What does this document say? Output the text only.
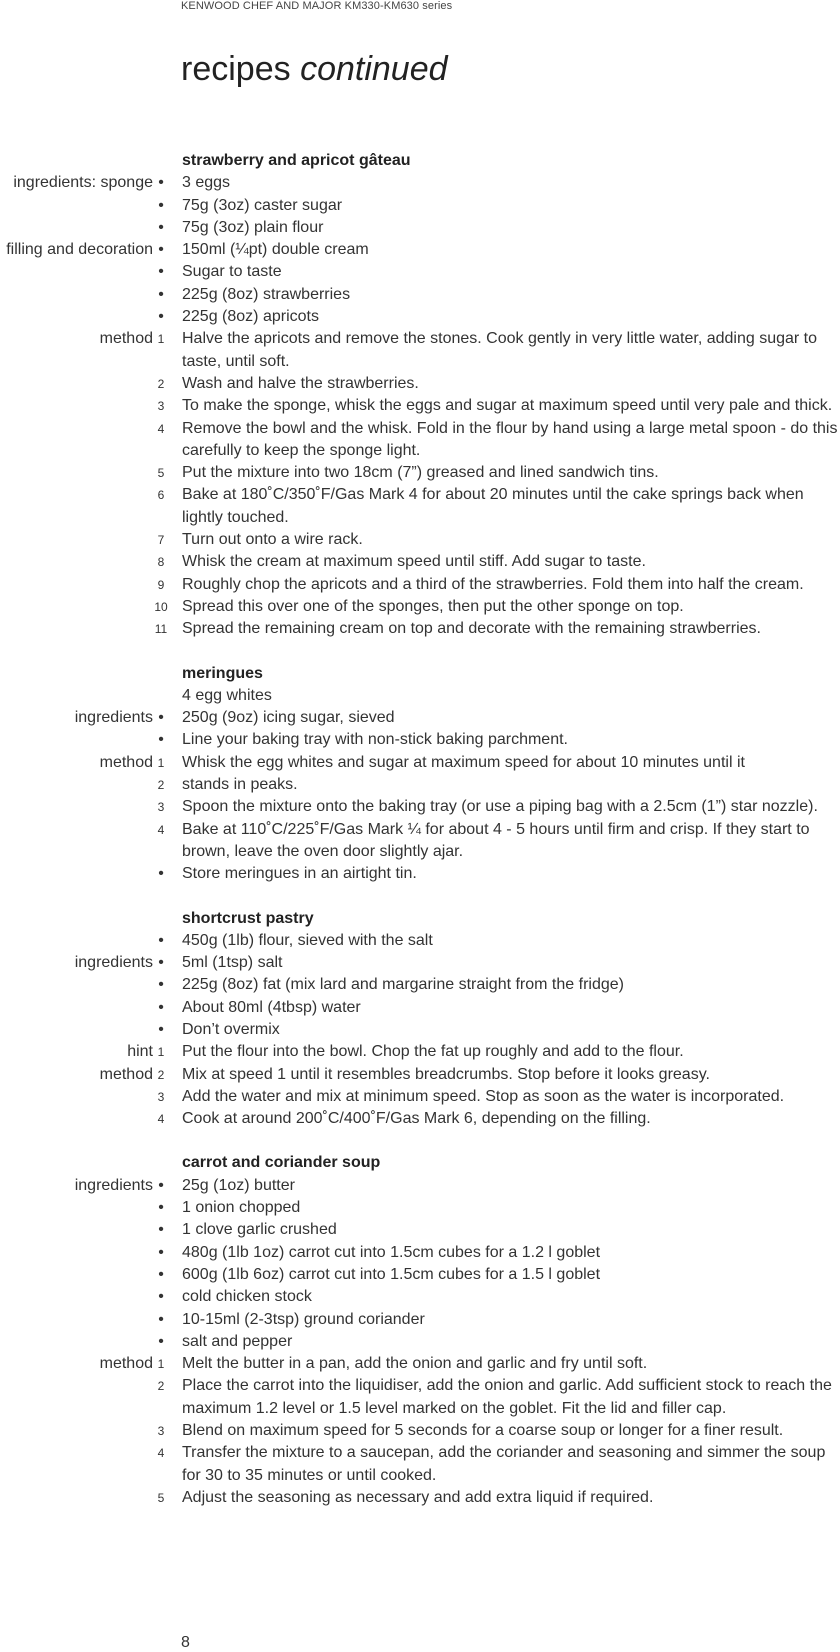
KENWOOD CHEF AND MAJOR KM330-KM630 series
recipes continued
strawberry and apricot gâteau
ingredients: sponge •	3 eggs
•	75g (3oz) caster sugar
•	75g (3oz) plain flour
filling and decoration •	150ml (¼pt) double cream
•	Sugar to taste
•	225g (8oz) strawberries
•	225g (8oz) apricots
method 1	Halve the apricots and remove the stones. Cook gently in very little water, adding sugar to taste, until soft.
2	Wash and halve the strawberries.
3	To make the sponge, whisk the eggs and sugar at maximum speed until very pale and thick.
4	Remove the bowl and the whisk. Fold in the flour by hand using a large metal spoon - do this carefully to keep the sponge light.
5	Put the mixture into two 18cm (7”) greased and lined sandwich tins.
6	Bake at 180˚C/350˚F/Gas Mark 4 for about 20 minutes until the cake springs back when lightly touched.
7	Turn out onto a wire rack.
8	Whisk the cream at maximum speed until stiff. Add sugar to taste.
9	Roughly chop the apricots and a third of the strawberries. Fold them into half the cream.
10 Spread this over one of the sponges, then put the other sponge on top.
11 Spread the remaining cream on top and decorate with the remaining strawberries.
meringues
4 egg whites
ingredients •	250g (9oz) icing sugar, sieved
•	Line your baking tray with non-stick baking parchment.
method 1	Whisk the egg whites and sugar at maximum speed for about 10 minutes until it
2	stands in peaks.
3	Spoon the mixture onto the baking tray (or use a piping bag with a 2.5cm (1”) star nozzle).
4	Bake at 110˚C/225˚F/Gas Mark ¼ for about 4 - 5 hours until firm and crisp. If they start to brown, leave the oven door slightly ajar.
•	Store meringues in an airtight tin.
shortcrust pastry
•	450g (1lb) flour, sieved with the salt
ingredients •	5ml (1tsp) salt
•	225g (8oz) fat (mix lard and margarine straight from the fridge)
•	About 80ml (4tbsp) water
•	Don’t overmix
hint 1	Put the flour into the bowl. Chop the fat up roughly and add to the flour.
method 2	Mix at speed 1 until it resembles breadcrumbs. Stop before it looks greasy.
3	Add the water and mix at minimum speed. Stop as soon as the water is incorporated.
4	Cook at around 200˚C/400˚F/Gas Mark 6, depending on the filling.
carrot and coriander soup
ingredients •	25g (1oz) butter
•	1 onion chopped
•	1 clove garlic crushed
•	480g (1lb 1oz) carrot cut into 1.5cm cubes for a 1.2 l goblet
•	600g (1lb 6oz) carrot cut into 1.5cm cubes for a 1.5 l goblet
•	cold chicken stock
•	10-15ml (2-3tsp) ground coriander
•	salt and pepper
method 1	Melt the butter in a pan, add the onion and garlic and fry until soft.
2	Place the carrot into the liquidiser, add the onion and garlic. Add sufficient stock to reach the maximum 1.2 level or 1.5 level marked on the goblet. Fit the lid and filler cap.
3	Blend on maximum speed for 5 seconds for a coarse soup or longer for a finer result.
4	Transfer the mixture to a saucepan, add the coriander and seasoning and simmer the soup for 30 to 35 minutes or until cooked.
5	Adjust the seasoning as necessary and add extra liquid if required.
8
